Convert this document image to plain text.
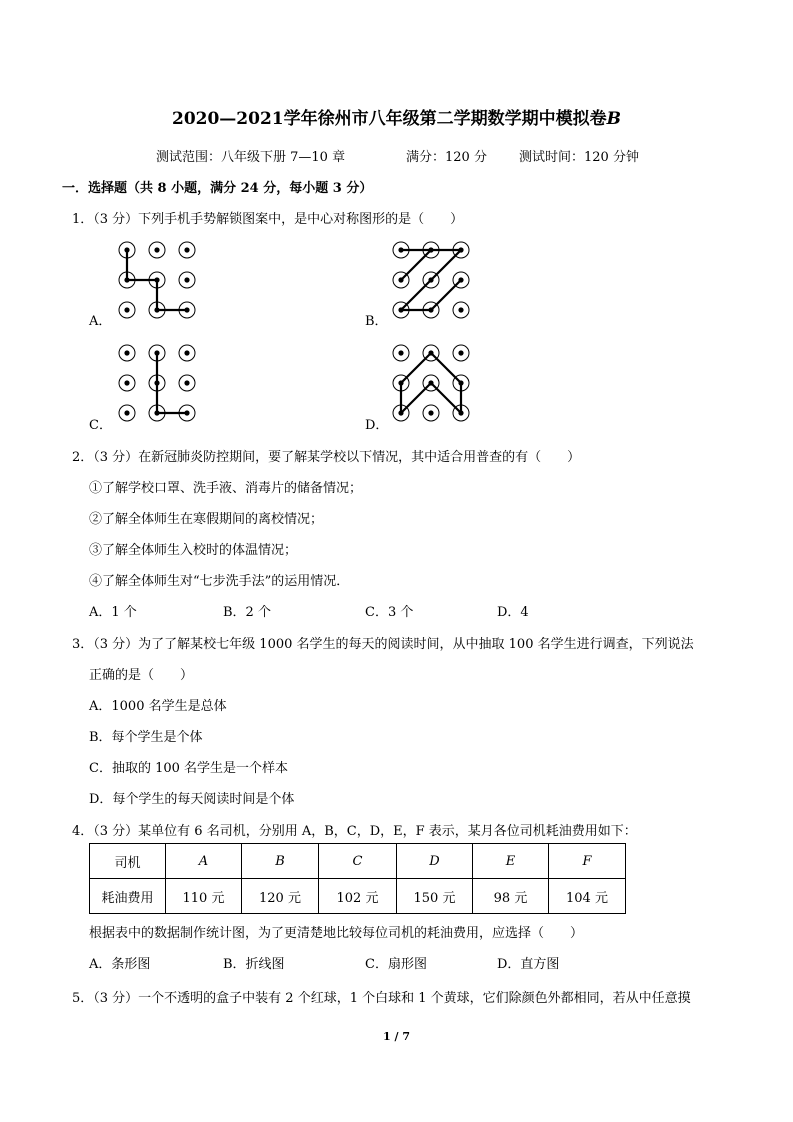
2020—2021学年徐州市八年级第二学期数学期中模拟卷B
测试范围：八年级下册 7—10 章	满分：120 分 测试时间：120 分钟
一．选择题（共 8 小题，满分 24 分，每小题 3 分）
1．（3 分）下列手机手势解锁图案中，是中心对称图形的是（　　）
A．	B．
C．	D．
2．（3 分）在新冠肺炎防控期间，要了解某学校以下情况，其中适合用普查的有（　　）
①了解学校口罩、洗手液、消毒片的储备情况；
②了解全体师生在寒假期间的离校情况；
③了解全体师生入校时的体温情况；
④了解全体师生对“七步洗手法”的运用情况．
A．1 个	B．2 个	C．3 个	D．4
3．（3 分）为了了解某校七年级 1000 名学生的每天的阅读时间，从中抽取 100 名学生进行调查，下列说法
正确的是（　　）
A．1000 名学生是总体
B．每个学生是个体
C．抽取的 100 名学生是一个样本
D．每个学生的每天阅读时间是个体
4．（3 分）某单位有 6 名司机，分别用 A，B，C，D，E，F 表示，某月各位司机耗油费用如下：
司机	A	B	C	D	E	F
耗油费用	110 元	120 元	102 元	150 元	98 元	104 元
根据表中的数据制作统计图，为了更清楚地比较每位司机的耗油费用，应选择（　　）
A．条形图	B．折线图	C．扇形图	D．直方图
5．（3 分）一个不透明的盒子中装有 2 个红球，1 个白球和 1 个黄球，它们除颜色外都相同，若从中任意摸
1 / 7
